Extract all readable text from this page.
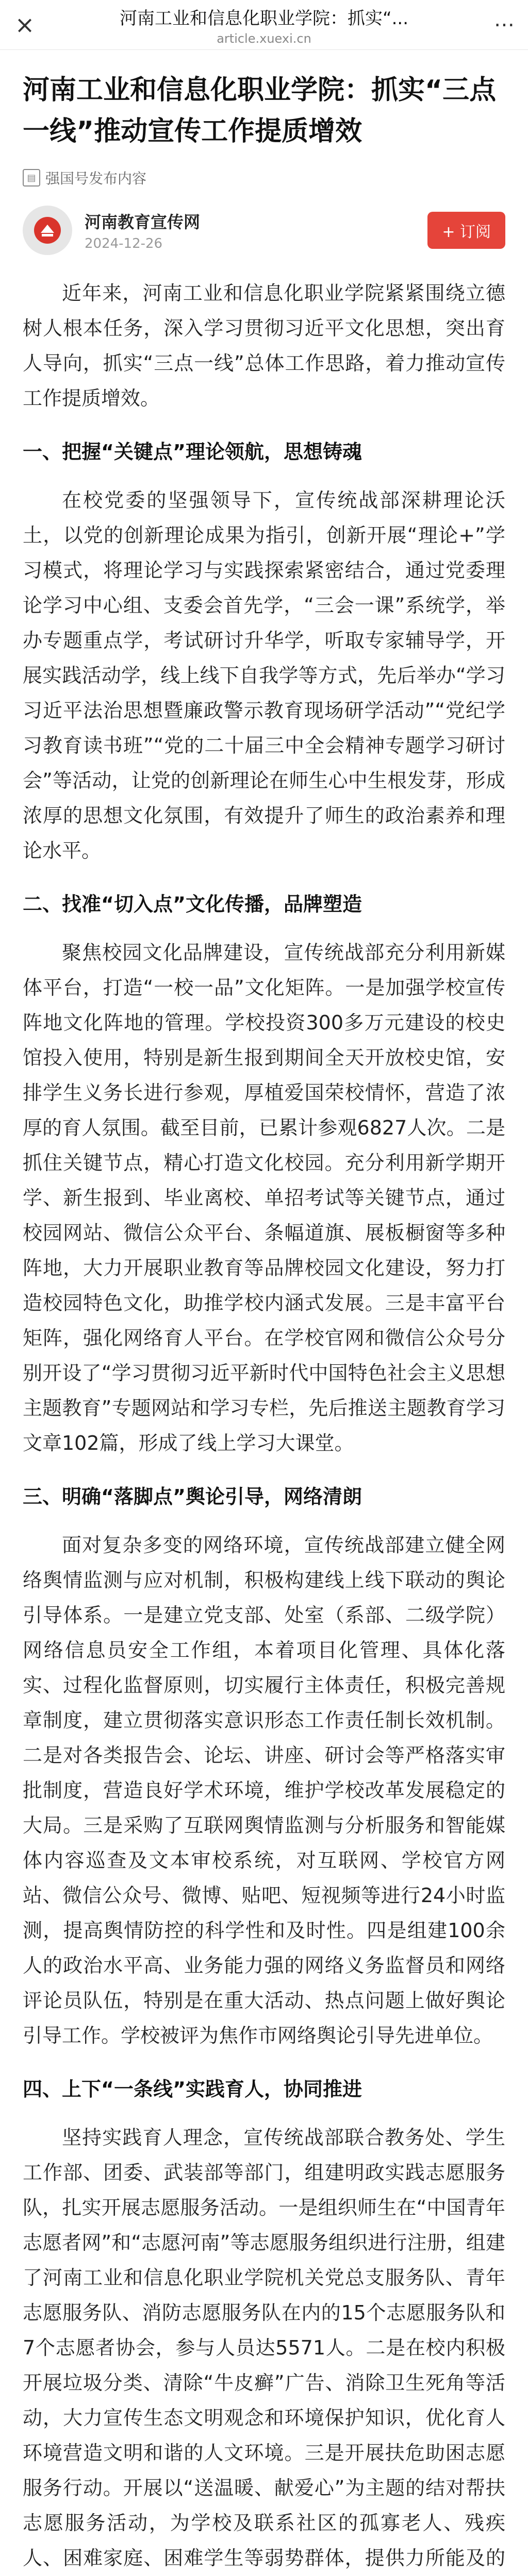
×	河南工业和信息化职业学院：抓实“...
article.xuexi.cn
⋯
河南工业和信息化职业学院：抓实“三点一线”推动宣传工作提质增效
▤ 强国号发布内容
河南教育宣传网
2024-12-26
+ 订阅

近年来，河南工业和信息化职业学院紧紧围绕立德树人根本任务，深入学习贯彻习近平文化思想，突出育人导向，抓实“三点一线”总体工作思路，着力推动宣传工作提质增效。

一、把握“关键点”理论领航，思想铸魂

在校党委的坚强领导下，宣传统战部深耕理论沃土，以党的创新理论成果为指引，创新开展“理论+”学习模式，将理论学习与实践探索紧密结合，通过党委理论学习中心组、支委会首先学，“三会一课”系统学，举办专题重点学，考试研讨升华学，听取专家辅导学，开展实践活动学，线上线下自我学等方式，先后举办“学习习近平法治思想暨廉政警示教育现场研学活动”“党纪学习教育读书班”“党的二十届三中全会精神专题学习研讨会”等活动，让党的创新理论在师生心中生根发芽，形成浓厚的思想文化氛围，有效提升了师生的政治素养和理论水平。

二、找准“切入点”文化传播，品牌塑造

聚焦校园文化品牌建设，宣传统战部充分利用新媒体平台，打造“一校一品”文化矩阵。一是加强学校宣传阵地文化阵地的管理。学校投资300多万元建设的校史馆投入使用，特别是新生报到期间全天开放校史馆，安排学生义务长进行参观，厚植爱国荣校情怀，营造了浓厚的育人氛围。截至目前，已累计参观6827人次。二是抓住关键节点，精心打造文化校园。充分利用新学期开学、新生报到、毕业离校、单招考试等关键节点，通过校园网站、微信公众平台、条幅道旗、展板橱窗等多种阵地，大力开展职业教育等品牌校园文化建设，努力打造校园特色文化，助推学校内涵式发展。三是丰富平台矩阵，强化网络育人平台。在学校官网和微信公众号分别开设了“学习贯彻习近平新时代中国特色社会主义思想主题教育”专题网站和学习专栏，先后推送主题教育学习文章102篇，形成了线上学习大课堂。

三、明确“落脚点”舆论引导，网络清朗

面对复杂多变的网络环境，宣传统战部建立健全网络舆情监测与应对机制，积极构建线上线下联动的舆论引导体系。一是建立党支部、处室（系部、二级学院）网络信息员安全工作组，本着项目化管理、具体化落实、过程化监督原则，切实履行主体责任，积极完善规章制度，建立贯彻落实意识形态工作责任制长效机制。二是对各类报告会、论坛、讲座、研讨会等严格落实审批制度，营造良好学术环境，维护学校改革发展稳定的大局。三是采购了互联网舆情监测与分析服务和智能媒体内容巡查及文本审校系统，对互联网、学校官方网站、微信公众号、微博、贴吧、短视频等进行24小时监测，提高舆情防控的科学性和及时性。四是组建100余人的政治水平高、业务能力强的网络义务监督员和网络评论员队伍，特别是在重大活动、热点问题上做好舆论引导工作。学校被评为焦作市网络舆论引导先进单位。

四、上下“一条线”实践育人，协同推进

坚持实践育人理念，宣传统战部联合教务处、学生工作部、团委、武装部等部门，组建明政实践志愿服务队，扎实开展志愿服务活动。一是组织师生在“中国青年志愿者网”和“志愿河南”等志愿服务组织进行注册，组建了河南工业和信息化职业学院机关党总支服务队、青年志愿服务队、消防志愿服务队在内的15个志愿服务队和7个志愿者协会，参与人员达5571人。二是在校内积极开展垃圾分类、清除“牛皮癣”广告、消除卫生死角等活动，大力宣传生态文明观念和环境保护知识，优化育人环境营造文明和谐的人文环境。三是开展扶危助困志愿服务行动。开展以“送温暖、献爱心”为主题的结对帮扶志愿服务活动，为学校及联系社区的孤寡老人、残疾人、困难家庭、困难学生等弱势群体，提供力所能及的
